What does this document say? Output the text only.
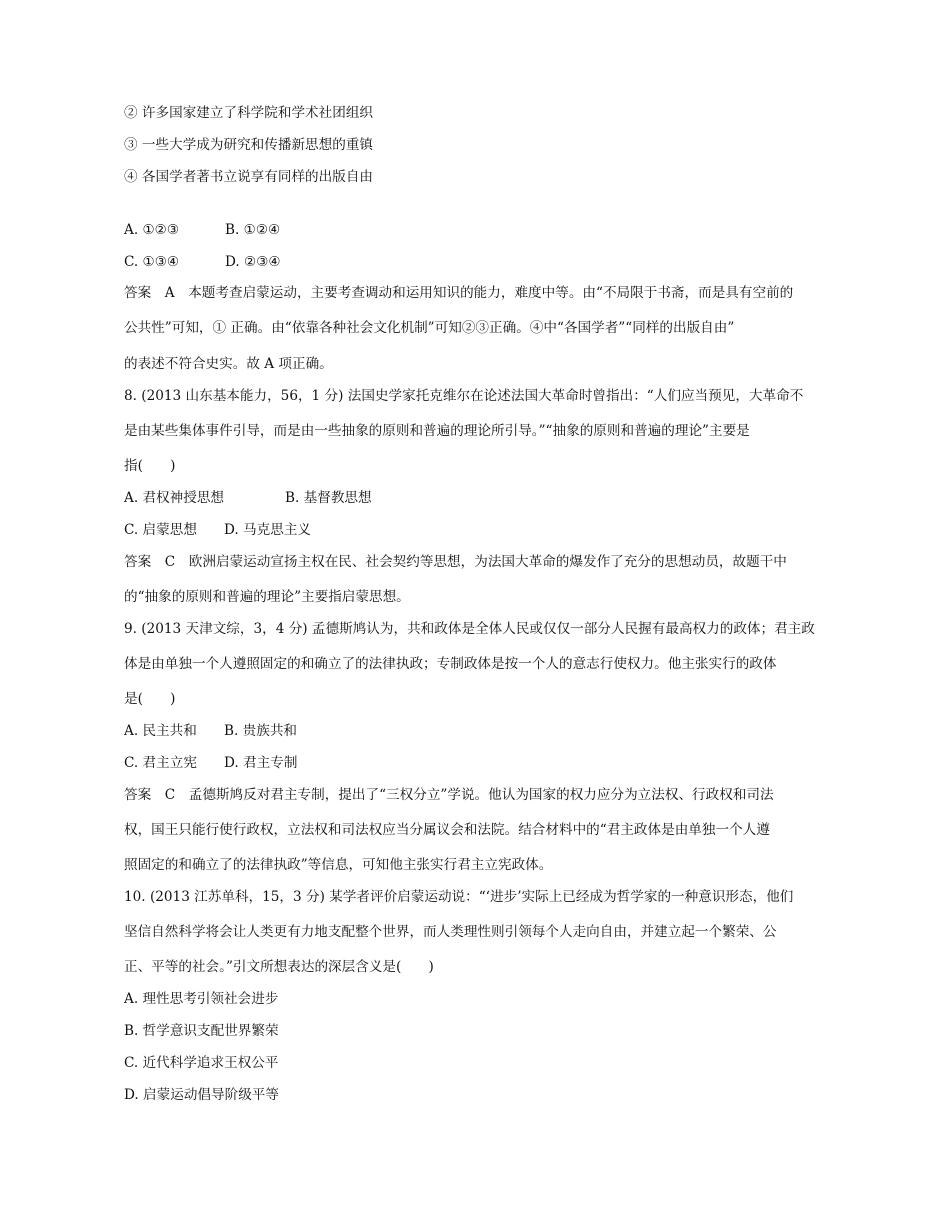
② 许多国家建立了科学院和学术社团组织
③ 一些大学成为研究和传播新思想的重镇
④ 各国学者著书立说享有同样的出版自由
A. ①②③	B. ①②④
C. ①③④	D. ②③④
答案　A　本题考查启蒙运动，主要考查调动和运用知识的能力，难度中等。由“不局限于书斋，而是具有空前的
公共性”可知，① 正确。由“依靠各种社会文化机制”可知②③正确。④中“各国学者”“同样的出版自由”
的表述不符合史实。故 A 项正确。
8. (2013 山东基本能力，56，1 分) 法国史学家托克维尔在论述法国大革命时曾指出：“人们应当预见，大革命不
是由某些集体事件引导，而是由一些抽象的原则和普遍的理论所引导。”“抽象的原则和普遍的理论”主要是
指(　　)
A. 君权神授思想	B. 基督教思想
C. 启蒙思想 D. 马克思主义
答案　C　欧洲启蒙运动宣扬主权在民、社会契约等思想，为法国大革命的爆发作了充分的思想动员，故题干中
的“抽象的原则和普遍的理论”主要指启蒙思想。
9. (2013 天津文综，3，4 分) 孟德斯鸠认为，共和政体是全体人民或仅仅一部分人民握有最高权力的政体；君主政
体是由单独一个人遵照固定的和确立了的法律执政；专制政体是按一个人的意志行使权力。他主张实行的政体
是(　　)
A. 民主共和 B. 贵族共和
C. 君主立宪 D. 君主专制
答案　C　孟德斯鸠反对君主专制，提出了“三权分立”学说。他认为国家的权力应分为立法权、行政权和司法
权，国王只能行使行政权，立法权和司法权应当分属议会和法院。结合材料中的“君主政体是由单独一个人遵
照固定的和确立了的法律执政”等信息，可知他主张实行君主立宪政体。
10. (2013 江苏单科，15，3 分) 某学者评价启蒙运动说：“‘进步’实际上已经成为哲学家的一种意识形态，他们
坚信自然科学将会让人类更有力地支配整个世界，而人类理性则引领每个人走向自由，并建立起一个繁荣、公
正、平等的社会。”引文所想表达的深层含义是(　　)
A. 理性思考引领社会进步
B. 哲学意识支配世界繁荣
C. 近代科学追求王权公平
D. 启蒙运动倡导阶级平等
